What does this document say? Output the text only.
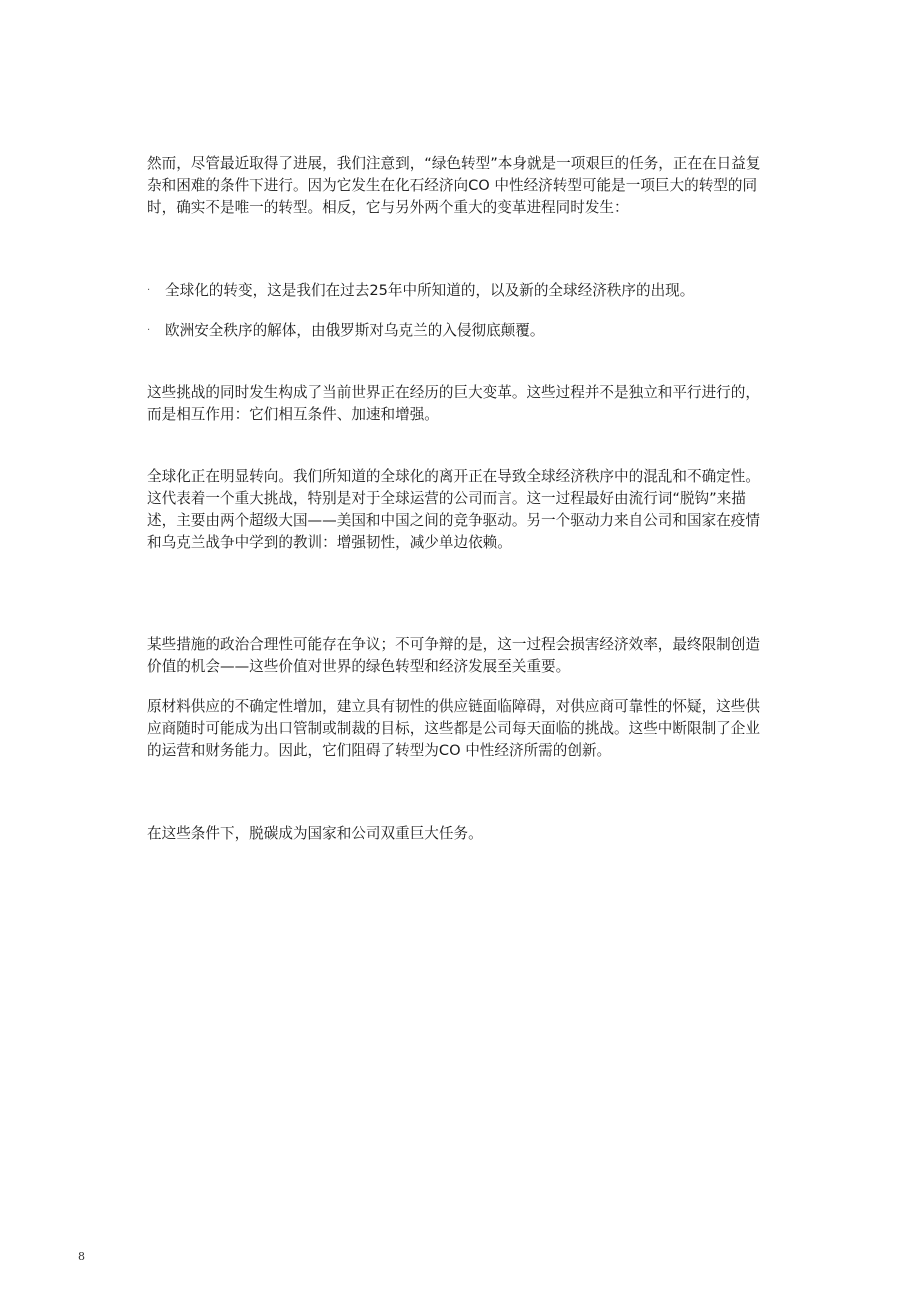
然而，尽管最近取得了进展，我们注意到，“绿色转型”本身就是一项艰巨的任务，正在在日益复杂和困难的条件下进行。因为它发生在化石经济向CO 中性经济转型可能是一项巨大的转型的同时，确实不是唯一的转型。相反，它与另外两个重大的变革进程同时发生：

·	全球化的转变，这是我们在过去25年中所知道的，以及新的全球经济秩序的出现。
·	欧洲安全秩序的解体，由俄罗斯对乌克兰的入侵彻底颠覆。

这些挑战的同时发生构成了当前世界正在经历的巨大变革。这些过程并不是独立和平行进行的，而是相互作用：它们相互条件、加速和增强。

全球化正在明显转向。我们所知道的全球化的离开正在导致全球经济秩序中的混乱和不确定性。这代表着一个重大挑战，特别是对于全球运营的公司而言。这一过程最好由流行词“脱钩”来描述，主要由两个超级大国——美国和中国之间的竞争驱动。另一个驱动力来自公司和国家在疫情和乌克兰战争中学到的教训：增强韧性，减少单边依赖。

某些措施的政治合理性可能存在争议；不可争辩的是，这一过程会损害经济效率，最终限制创造价值的机会——这些价值对世界的绿色转型和经济发展至关重要。

原材料供应的不确定性增加，建立具有韧性的供应链面临障碍，对供应商可靠性的怀疑，这些供应商随时可能成为出口管制或制裁的目标，这些都是公司每天面临的挑战。这些中断限制了企业的运营和财务能力。因此，它们阻碍了转型为CO 中性经济所需的创新。

在这些条件下，脱碳成为国家和公司双重巨大任务。

8
